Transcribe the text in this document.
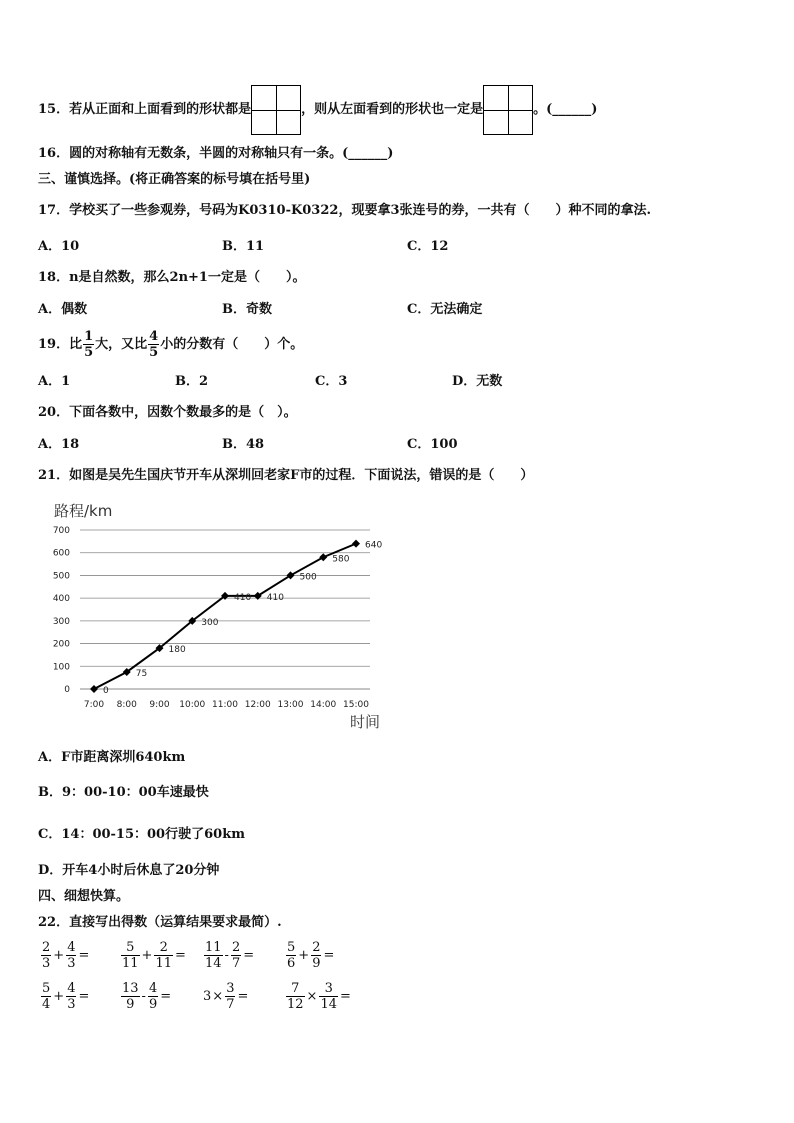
15．若从正面和上面看到的形状都是	，则从左面看到的形状也一定是	。(______)
16．圆的对称轴有无数条，半圆的对称轴只有一条。(______)
三、谨慎选择。(将正确答案的标号填在括号里)
17．学校买了一些参观券，号码为K0310-K0322，现要拿3张连号的券，一共有（　　）种不同的拿法.
A．10	B．11	C．12
18．n是自然数，那么2n+1一定是（　　）。
A．偶数	B．奇数	C．无法确定
19．比 $\frac{1}{5}$ 大，又比 $\frac{4}{5}$ 小的分数有（　　）个。
A．1	B．2	C．3	D．无数
20．下面各数中，因数个数最多的是（　）。
A．18	B．48	C．100
21．如图是吴先生国庆节开车从深圳回老家F市的过程．下面说法，错误的是（　　）
路程/km
时间
0
100
200
300
400
500
600
700
7:00 8:00 9:00 10:00 11:00 12:00 13:00 14:00 15:00
0
75
180
300
410 410
500
580
640
A．F市距离深圳640km
B．9：00-10：00车速最快
C．14：00-15：00行驶了60km
D．开车4小时后休息了20分钟
四、细想快算。
22．直接写出得数（运算结果要求最简）.
$\frac{2}{3} + \frac{4}{3} = \frac{5}{11} + \frac{2}{11} = \frac{11}{14} - \frac{2}{7} = \frac{5}{6} + \frac{2}{9}$ =
$\frac{5}{4} + \frac{4}{3} = \frac{13}{9} - \frac{4}{9} = 3\times \frac{3}{7}$ =	$\frac{7}{12} \times \frac{3}{14}$ =
